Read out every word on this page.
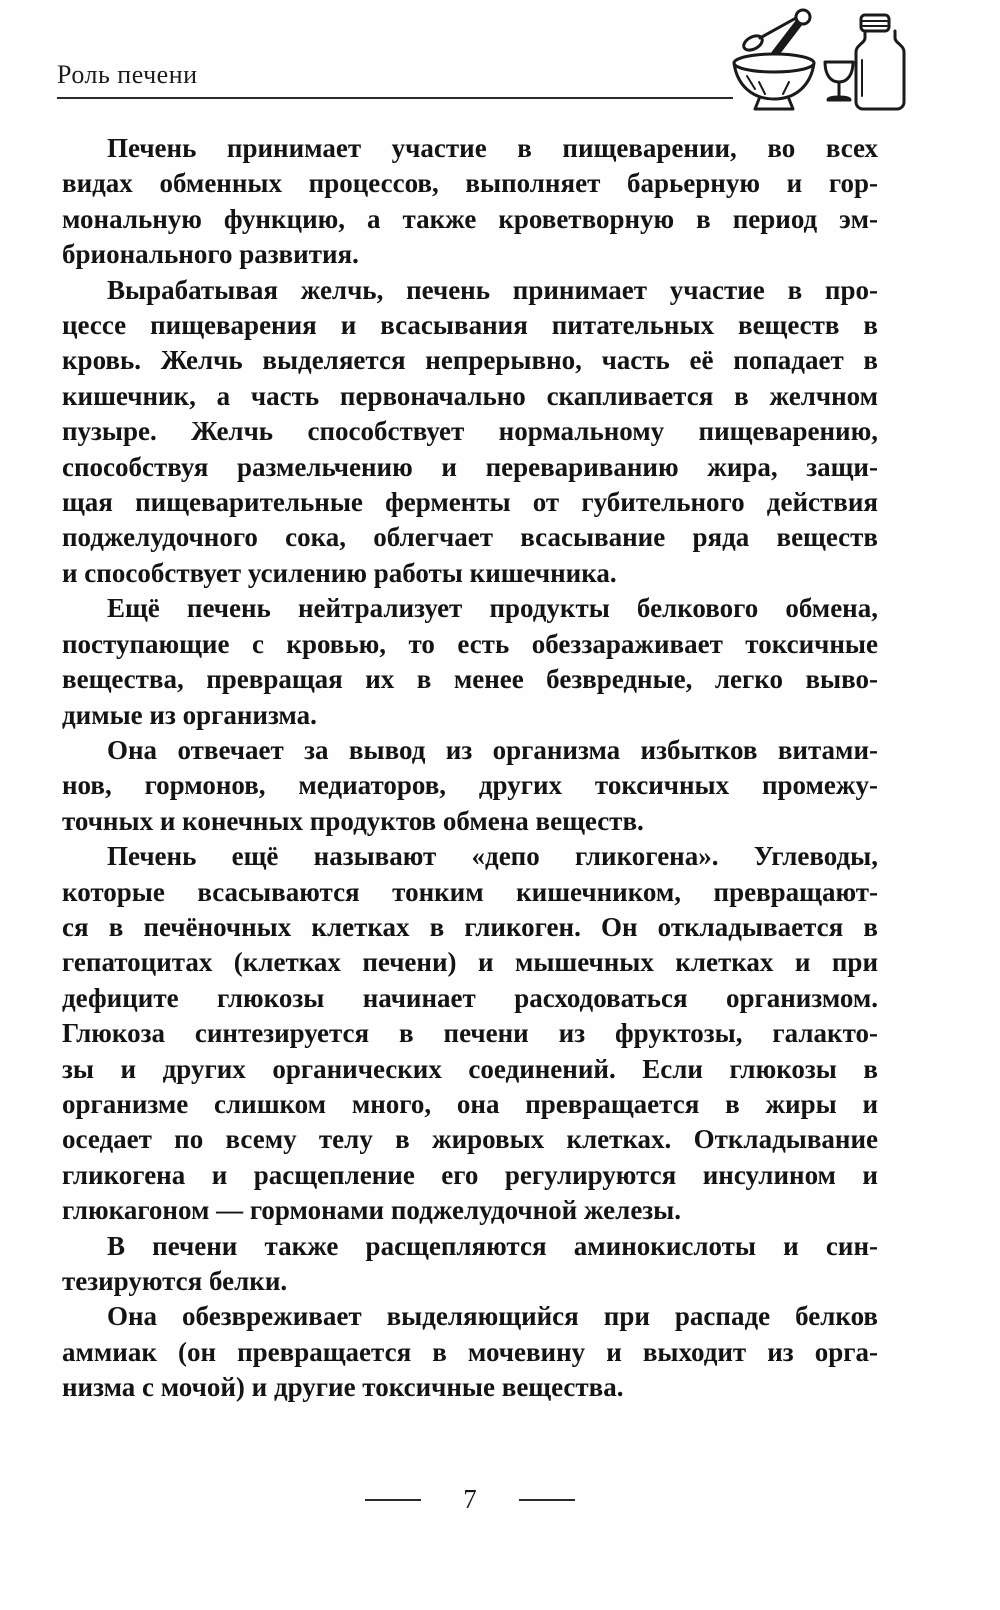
Роль печени
Печень принимает участие в пищеварении, во всех
видах обменных процессов, выполняет барьерную и гор-
мональную функцию, а также кроветворную в период эм-
брионального развития.
Вырабатывая желчь, печень принимает участие в про-
цессе пищеварения и всасывания питательных веществ в
кровь. Желчь выделяется непрерывно, часть её попадает в
кишечник, а часть первоначально скапливается в желчном
пузыре. Желчь способствует нормальному пищеварению,
способствуя размельчению и перевариванию жира, защи-
щая пищеварительные ферменты от губительного действия
поджелудочного сока, облегчает всасывание ряда веществ
и способствует усилению работы кишечника.
Ещё печень нейтрализует продукты белкового обмена,
поступающие с кровью, то есть обеззараживает токсичные
вещества, превращая их в менее безвредные, легко выво-
димые из организма.
Она отвечает за вывод из организма избытков витами-
нов, гормонов, медиаторов, других токсичных промежу-
точных и конечных продуктов обмена веществ.
Печень ещё называют «депо гликогена». Углеводы,
которые всасываются тонким кишечником, превращают-
ся в печёночных клетках в гликоген. Он откладывается в
гепатоцитах (клетках печени) и мышечных клетках и при
дефиците глюкозы начинает расходоваться организмом.
Глюкоза синтезируется в печени из фруктозы, галакто-
зы и других органических соединений. Если глюкозы в
организме слишком много, она превращается в жиры и
оседает по всему телу в жировых клетках. Откладывание
гликогена и расщепление его регулируются инсулином и
глюкагоном — гормонами поджелудочной железы.
В печени также расщепляются аминокислоты и син-
тезируются белки.
Она обезвреживает выделяющийся при распаде белков
аммиак (он превращается в мочевину и выходит из орга-
низма с мочой) и другие токсичные вещества.
7
